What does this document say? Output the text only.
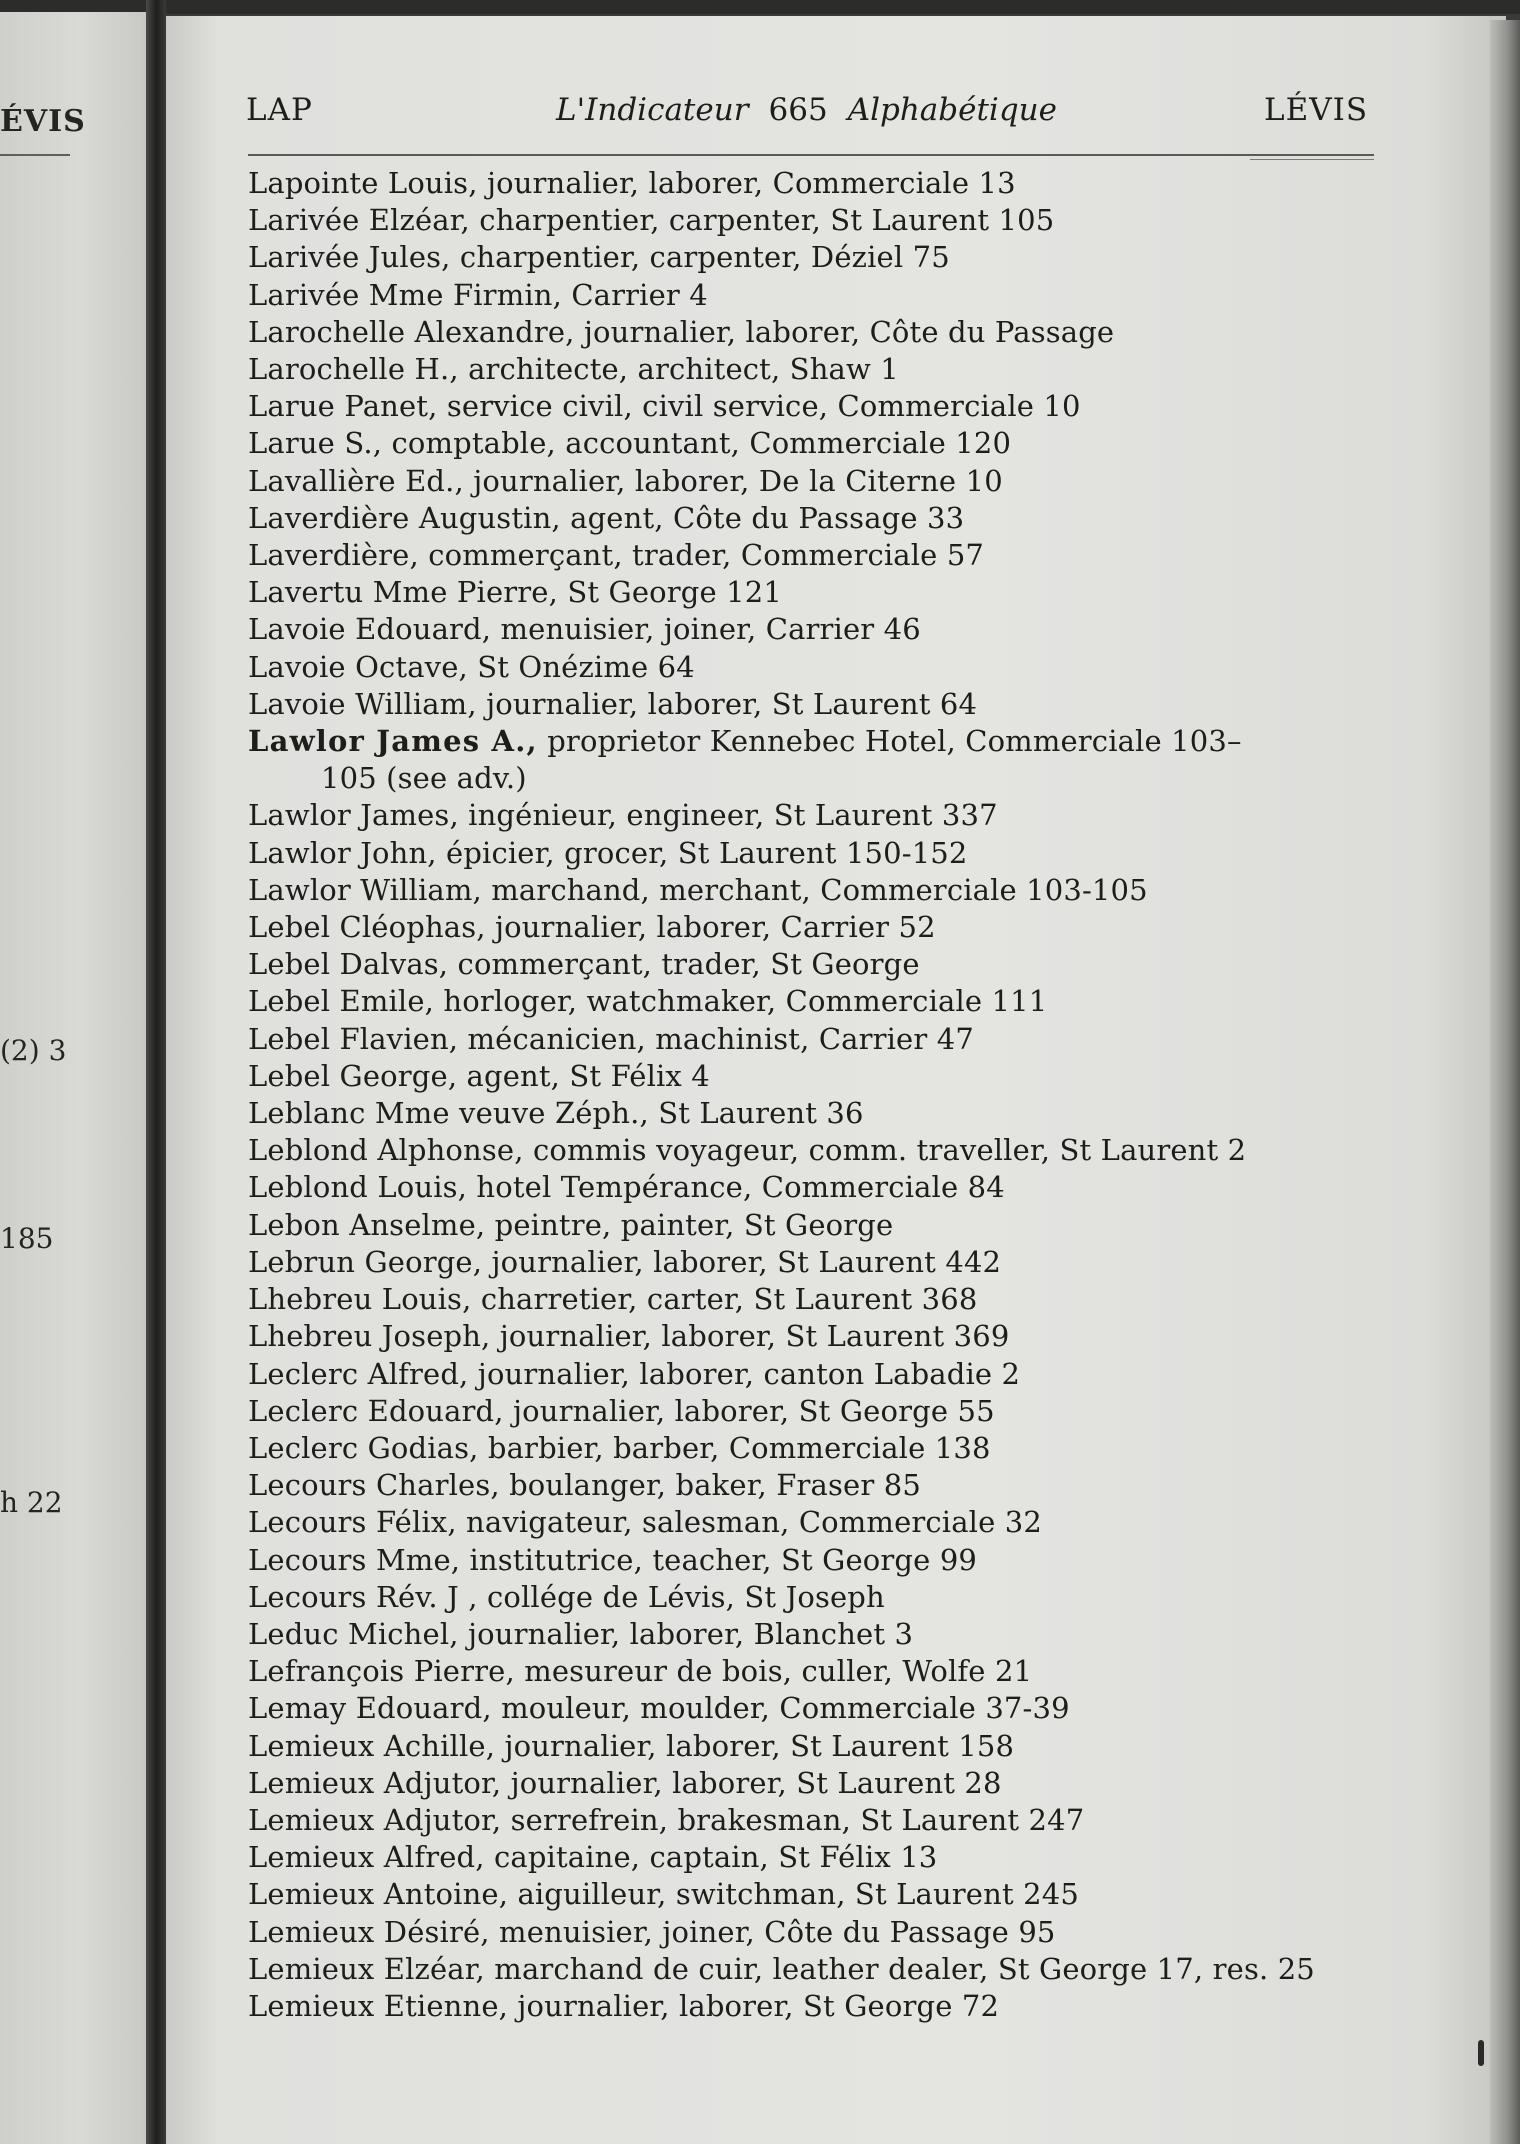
ÉVIS
(2) 3
185
h 22
LAP	L'Indicateur 665 Alphabétique	LÉVIS
Lapointe Louis, journalier, laborer, Commerciale 13
Larivée Elzéar, charpentier, carpenter, St Laurent 105
Larivée Jules, charpentier, carpenter, Déziel 75
Larivée Mme Firmin, Carrier 4
Larochelle Alexandre, journalier, laborer, Côte du Passage
Larochelle H., architecte, architect, Shaw 1
Larue Panet, service civil, civil service, Commerciale 10
Larue S., comptable, accountant, Commerciale 120
Lavallière Ed., journalier, laborer, De la Citerne 10
Laverdière Augustin, agent, Côte du Passage 33
Laverdière, commerçant, trader, Commerciale 57
Lavertu Mme Pierre, St George 121
Lavoie Edouard, menuisier, joiner, Carrier 46
Lavoie Octave, St Onézime 64
Lavoie William, journalier, laborer, St Laurent 64
Lawlor James A., proprietor Kennebec Hotel, Commerciale 103–
105 (see adv.)
Lawlor James, ingénieur, engineer, St Laurent 337
Lawlor John, épicier, grocer, St Laurent 150-152
Lawlor William, marchand, merchant, Commerciale 103-105
Lebel Cléophas, journalier, laborer, Carrier 52
Lebel Dalvas, commerçant, trader, St George
Lebel Emile, horloger, watchmaker, Commerciale 111
Lebel Flavien, mécanicien, machinist, Carrier 47
Lebel George, agent, St Félix 4
Leblanc Mme veuve Zéph., St Laurent 36
Leblond Alphonse, commis voyageur, comm. traveller, St Laurent 2
Leblond Louis, hotel Tempérance, Commerciale 84
Lebon Anselme, peintre, painter, St George
Lebrun George, journalier, laborer, St Laurent 442
Lhebreu Louis, charretier, carter, St Laurent 368
Lhebreu Joseph, journalier, laborer, St Laurent 369
Leclerc Alfred, journalier, laborer, canton Labadie 2
Leclerc Edouard, journalier, laborer, St George 55
Leclerc Godias, barbier, barber, Commerciale 138
Lecours Charles, boulanger, baker, Fraser 85
Lecours Félix, navigateur, salesman, Commerciale 32
Lecours Mme, institutrice, teacher, St George 99
Lecours Rév. J , collége de Lévis, St Joseph
Leduc Michel, journalier, laborer, Blanchet 3
Lefrançois Pierre, mesureur de bois, culler, Wolfe 21
Lemay Edouard, mouleur, moulder, Commerciale 37-39
Lemieux Achille, journalier, laborer, St Laurent 158
Lemieux Adjutor, journalier, laborer, St Laurent 28
Lemieux Adjutor, serrefrein, brakesman, St Laurent 247
Lemieux Alfred, capitaine, captain, St Félix 13
Lemieux Antoine, aiguilleur, switchman, St Laurent 245
Lemieux Désiré, menuisier, joiner, Côte du Passage 95
Lemieux Elzéar, marchand de cuir, leather dealer, St George 17, res. 25
Lemieux Etienne, journalier, laborer, St George 72
